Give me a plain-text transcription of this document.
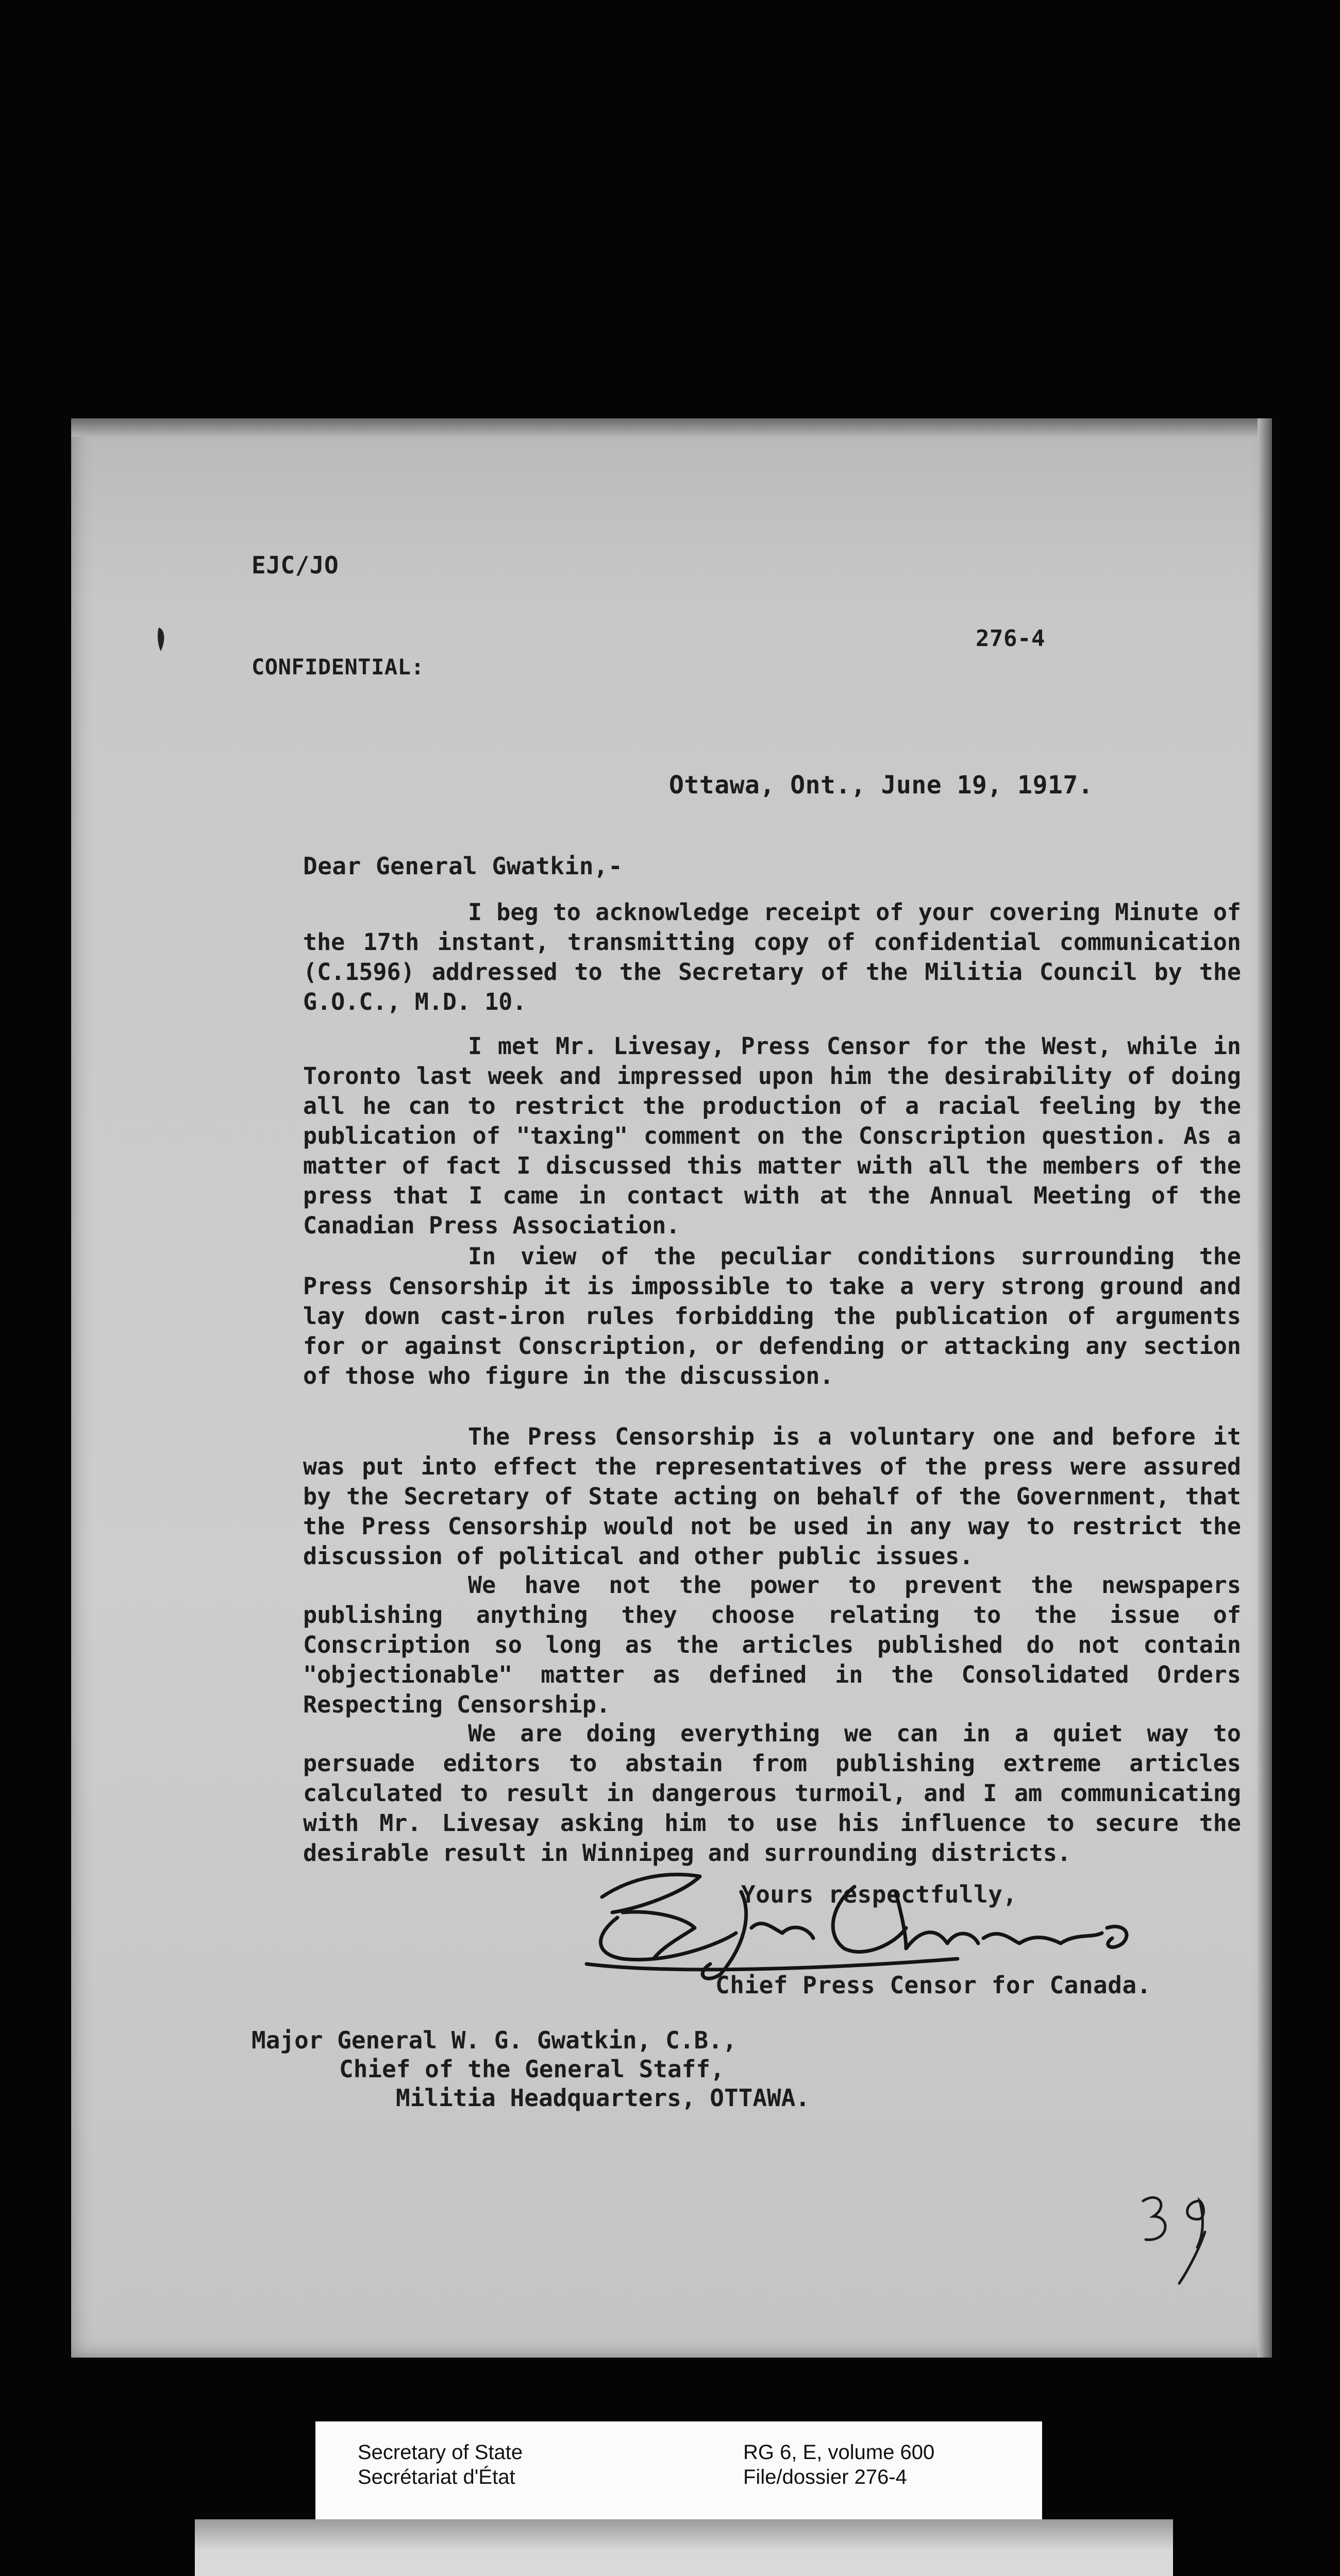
EJC/JO
CONFIDENTIAL:
276-4
Ottawa, Ont., June 19, 1917.
Dear General Gwatkin,-

I beg to acknowledge receipt of your covering Minute of the 17th instant, transmitting copy of confidential communication (C.1596) addressed to the Secretary of the Militia Council by the G.O.C., M.D. 10.

I met Mr. Livesay, Press Censor for the West, while in Toronto last week and impressed upon him the desirability of doing all he can to restrict the production of a racial feeling by the publication of "taxing" comment on the Conscription question. As a matter of fact I discussed this matter with all the members of the press that I came in contact with at the Annual Meeting of the Canadian Press Association.

In view of the peculiar conditions surrounding the Press Censorship it is impossible to take a very strong ground and lay down cast-iron rules forbidding the publication of arguments for or against Conscription, or defending or attacking any section of those who figure in the discussion.

The Press Censorship is a voluntary one and before it was put into effect the representatives of the press were assured by the Secretary of State acting on behalf of the Government, that the Press Censorship would not be used in any way to restrict the discussion of political and other public issues.

We have not the power to prevent the newspapers publishing anything they choose relating to the issue of Conscription so long as the articles published do not contain "objectionable" matter as defined in the Consolidated Orders Respecting Censorship.

We are doing everything we can in a quiet way to persuade editors to abstain from publishing extreme articles calculated to result in dangerous turmoil, and I am communicating with Mr. Livesay asking him to use his influence to secure the desirable result in Winnipeg and surrounding districts.

Yours respectfully,
Chief Press Censor for Canada.
Major General W. G. Gwatkin, C.B.,
Chief of the General Staff,
Militia Headquarters, OTTAWA.
Secretary of State
Secrétariat d'État
RG 6, E, volume 600
File/dossier 276-4
